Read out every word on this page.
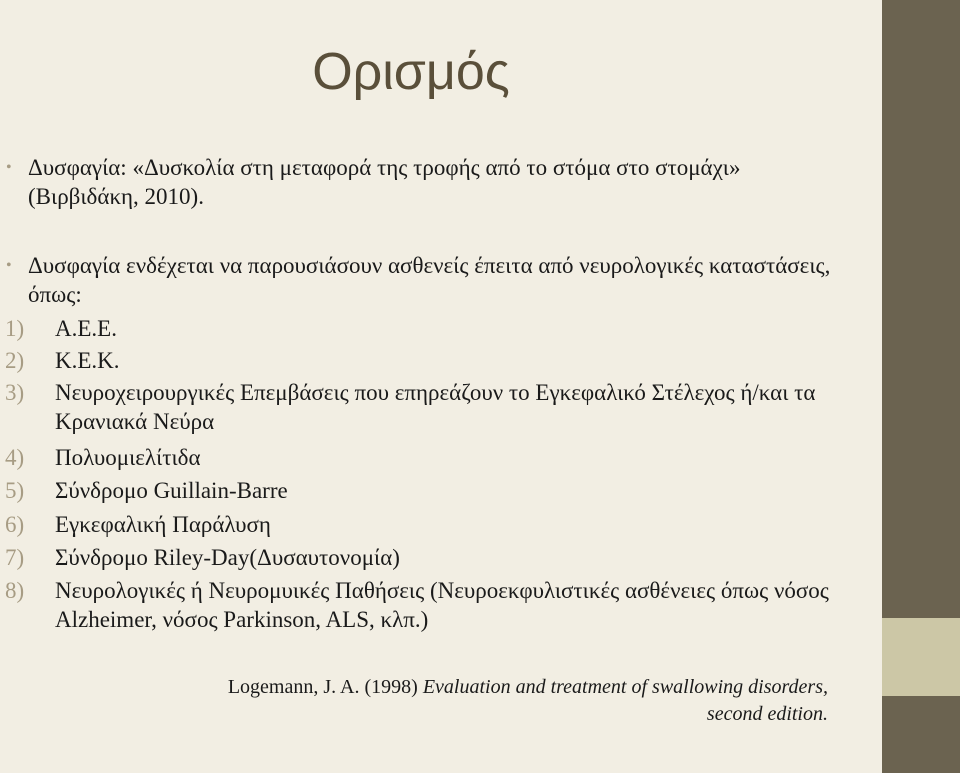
Ορισμός
• Δυσφαγία: «Δυσκολία στη μεταφορά της τροφής από το στόμα στο στομάχι» (Βιρβιδάκη, 2010).
• Δυσφαγία ενδέχεται να παρουσιάσουν ασθενείς έπειτα από νευρολογικές καταστάσεις, όπως:
1) Α.Ε.Ε.
2) Κ.Ε.Κ.
3) Νευροχειρουργικές Επεμβάσεις που επηρεάζουν το Εγκεφαλικό Στέλεχος ή/και τα Κρανιακά Νεύρα
4) Πολυομιελίτιδα
5) Σύνδρομο Guillain-Barre
6) Εγκεφαλική Παράλυση
7) Σύνδρομο Riley-Day(Δυσαυτονομία)
8) Νευρολογικές ή Νευρομυικές Παθήσεις (Νευροεκφυλιστικές ασθένειες όπως νόσος Alzheimer, νόσος Parkinson, ALS, κλπ.)
Logemann, J. A. (1998) Evaluation and treatment of swallowing disorders,
second edition.
